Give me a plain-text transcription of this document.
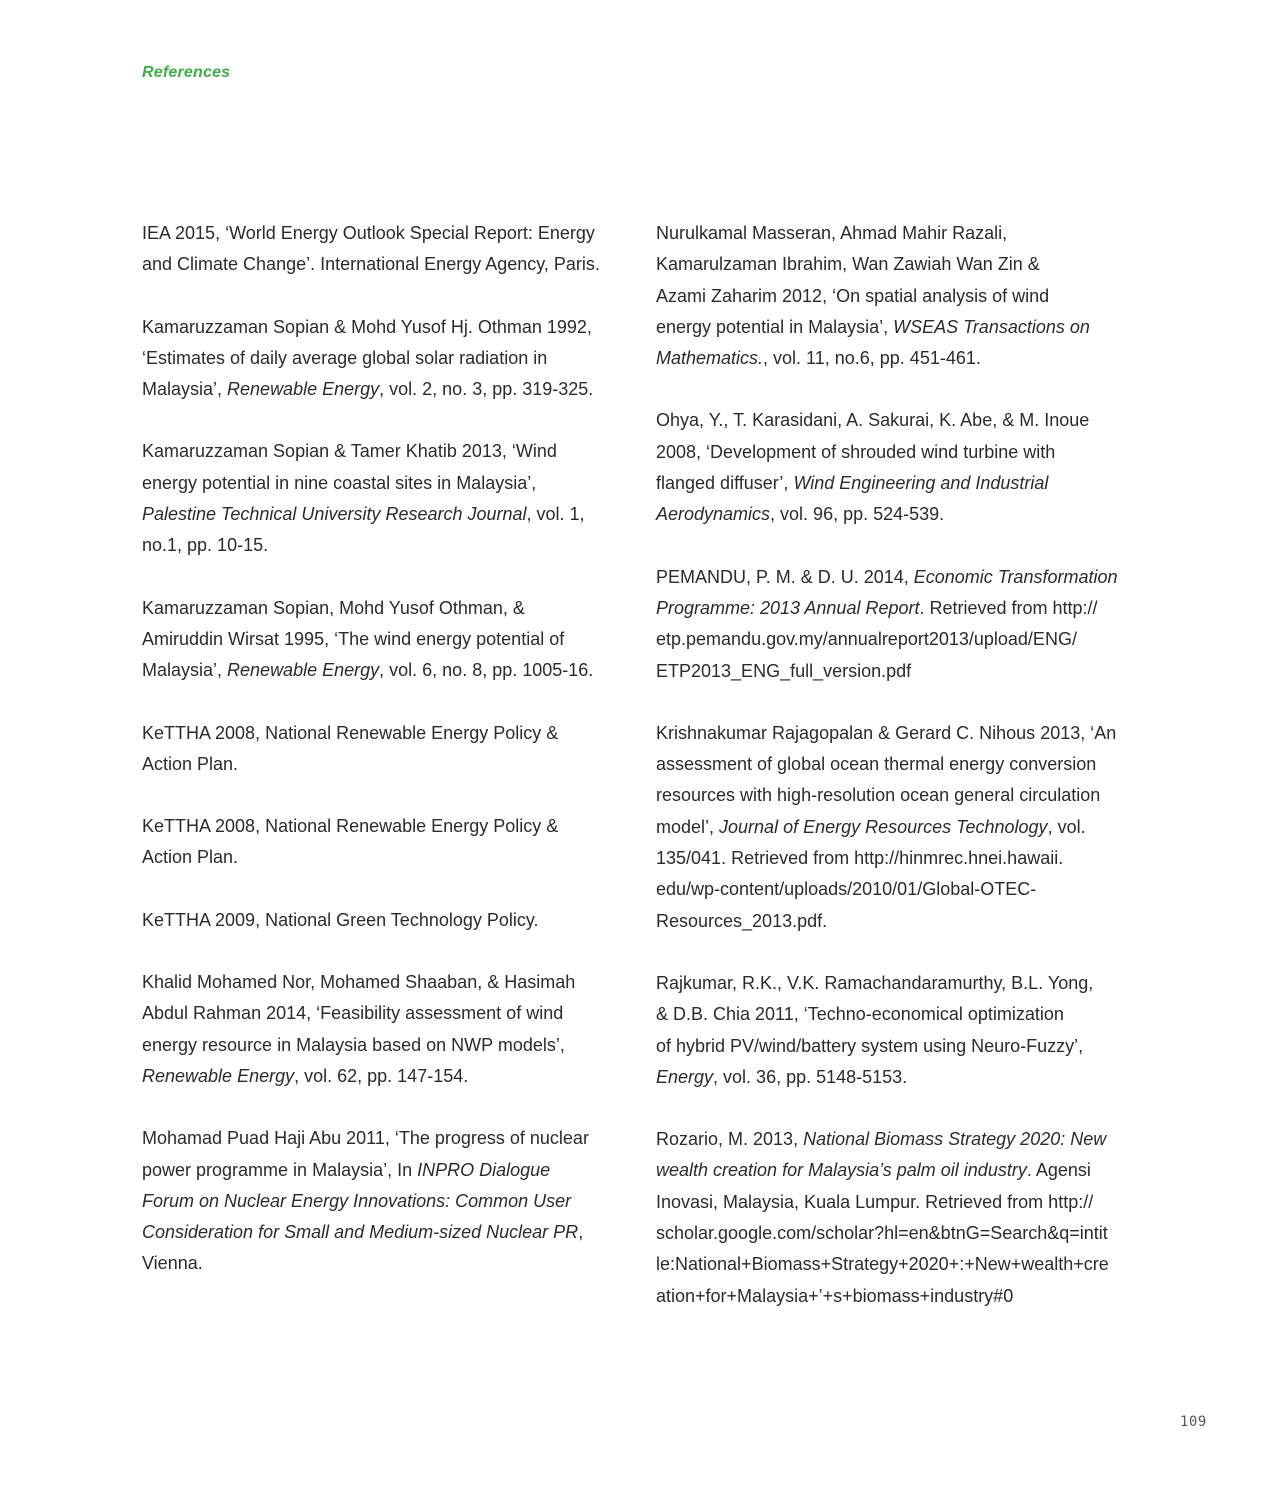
References

IEA 2015, ‘World Energy Outlook Special Report: Energy
and Climate Change’. International Energy Agency, Paris.

Kamaruzzaman Sopian & Mohd Yusof Hj. Othman 1992,
‘Estimates of daily average global solar radiation in
Malaysia’, Renewable Energy, vol. 2, no. 3, pp. 319-325.

Kamaruzzaman Sopian & Tamer Khatib 2013, ‘Wind
energy potential in nine coastal sites in Malaysia’,
Palestine Technical University Research Journal, vol. 1,
no.1, pp. 10-15.

Kamaruzzaman Sopian, Mohd Yusof Othman, &
Amiruddin Wirsat 1995, ‘The wind energy potential of
Malaysia’, Renewable Energy, vol. 6, no. 8, pp. 1005-16.

KeTTHA 2008, National Renewable Energy Policy &
Action Plan.

KeTTHA 2008, National Renewable Energy Policy &
Action Plan.

KeTTHA 2009, National Green Technology Policy.

Khalid Mohamed Nor, Mohamed Shaaban, & Hasimah
Abdul Rahman 2014, ‘Feasibility assessment of wind
energy resource in Malaysia based on NWP models’,
Renewable Energy, vol. 62, pp. 147-154.

Mohamad Puad Haji Abu 2011, ‘The progress of nuclear
power programme in Malaysia’, In INPRO Dialogue
Forum on Nuclear Energy Innovations: Common User
Consideration for Small and Medium-sized Nuclear PR,
Vienna.

Nurulkamal Masseran, Ahmad Mahir Razali,
Kamarulzaman Ibrahim, Wan Zawiah Wan Zin &
Azami Zaharim 2012, ‘On spatial analysis of wind
energy potential in Malaysia’, WSEAS Transactions on
Mathematics., vol. 11, no.6, pp. 451-461.

Ohya, Y., T. Karasidani, A. Sakurai, K. Abe, & M. Inoue
2008, ‘Development of shrouded wind turbine with
flanged diffuser’, Wind Engineering and Industrial
Aerodynamics, vol. 96, pp. 524-539.

PEMANDU, P. M. & D. U. 2014, Economic Transformation
Programme: 2013 Annual Report. Retrieved from http://
etp.pemandu.gov.my/annualreport2013/upload/ENG/
ETP2013_ENG_full_version.pdf

Krishnakumar Rajagopalan & Gerard C. Nihous 2013, ‘An
assessment of global ocean thermal energy conversion
resources with high-resolution ocean general circulation
model’, Journal of Energy Resources Technology, vol.
135/041. Retrieved from http://hinmrec.hnei.hawaii.
edu/wp-content/uploads/2010/01/Global-OTEC-
Resources_2013.pdf.

Rajkumar, R.K., V.K. Ramachandaramurthy, B.L. Yong,
& D.B. Chia 2011, ‘Techno-economical optimization
of hybrid PV/wind/battery system using Neuro-Fuzzy’,
Energy, vol. 36, pp. 5148-5153.

Rozario, M. 2013, National Biomass Strategy 2020: New
wealth creation for Malaysia’s palm oil industry. Agensi
Inovasi, Malaysia, Kuala Lumpur. Retrieved from http://
scholar.google.com/scholar?hl=en&btnG=Search&q=intit
le:National+Biomass+Strategy+2020+:+New+wealth+cre
ation+for+Malaysia+’+s+biomass+industry#0

109
